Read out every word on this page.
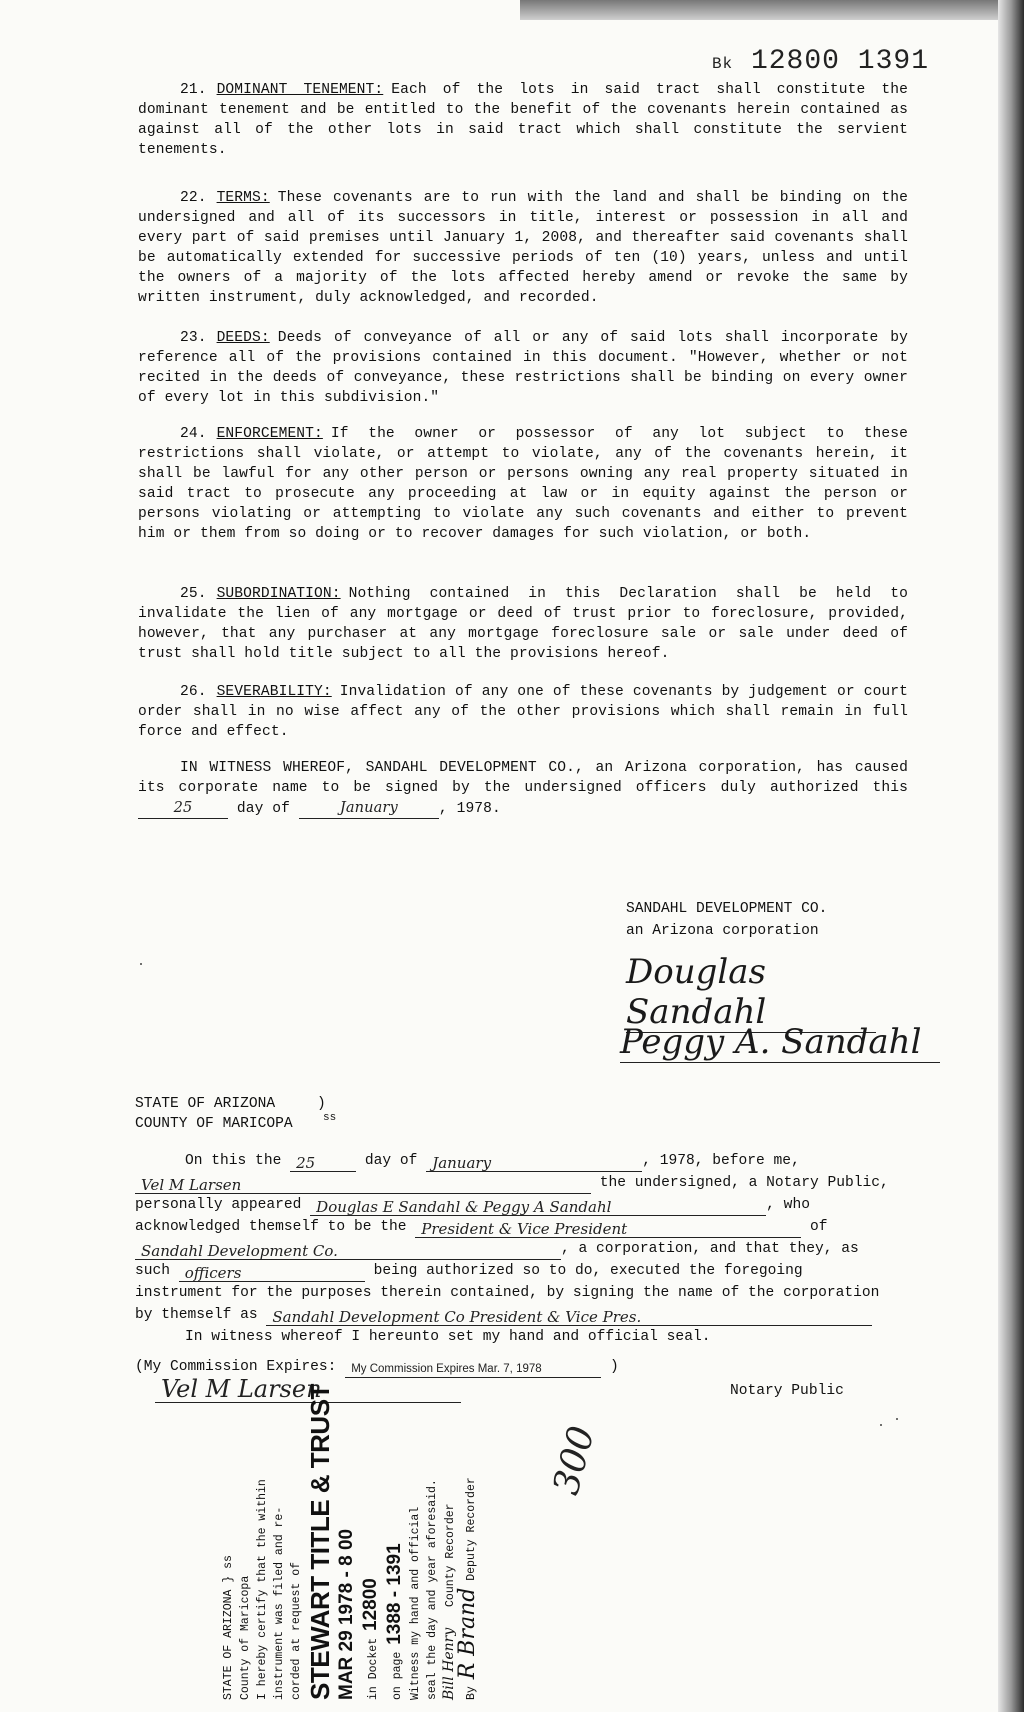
Bk 12800 1391
21. DOMINANT TENEMENT: Each of the lots in said tract shall constitute the dominant tenement and be entitled to the benefit of the covenants herein contained as against all of the other lots in said tract which shall constitute the servient tenements.
22. TERMS: These covenants are to run with the land and shall be binding on the undersigned and all of its successors in title, interest or possession in all and every part of said premises until January 1, 2008, and thereafter said covenants shall be automatically extended for successive periods of ten (10) years, unless and until the owners of a majority of the lots affected hereby amend or revoke the same by written instrument, duly acknowledged, and recorded.
23. DEEDS: Deeds of conveyance of all or any of said lots shall incorporate by reference all of the provisions contained in this document. "However, whether or not recited in the deeds of conveyance, these restrictions shall be binding on every owner of every lot in this subdivision."
24. ENFORCEMENT: If the owner or possessor of any lot subject to these restrictions shall violate, or attempt to violate, any of the covenants herein, it shall be lawful for any other person or persons owning any real property situated in said tract to prosecute any proceeding at law or in equity against the person or persons violating or attempting to violate any such covenants and either to prevent him or them from so doing or to recover damages for such violation, or both.
25. SUBORDINATION: Nothing contained in this Declaration shall be held to invalidate the lien of any mortgage or deed of trust prior to foreclosure, provided, however, that any purchaser at any mortgage foreclosure sale or sale under deed of trust shall hold title subject to all the provisions hereof.
26. SEVERABILITY: Invalidation of any one of these covenants by judgement or court order shall in no wise affect any of the other provisions which shall remain in full force and effect.
IN WITNESS WHEREOF, SANDAHL DEVELOPMENT CO., an Arizona corporation, has caused its corporate name to be signed by the undersigned officers duly authorized this 25	day of	January	, 1978.
SANDAHL DEVELOPMENT CO.
an Arizona corporation
Douglas Sandahl
Peggy A. Sandahl
STATE OF ARIZONA
COUNTY OF MARICOPA
)
ss
On this the 25	day of January	, 1978, before me,
Vel M Larsen	the undersigned, a Notary Public,
personally appeared Douglas E Sandahl & Peggy A Sandahl	, who
acknowledged themself to be the President & Vice President	of
Sandahl Development Co.	, a corporation, and that they, as
such officers	being authorized so to do, executed the foregoing
instrument for the purposes therein contained, by signing the name of the corporation
by themself as Sandahl Development Co President & Vice Pres.
In witness whereof I hereunto set my hand and official seal.
(My Commission Expires: My Commission Expires Mar. 7, 1978	) Vel M Larsen	Notary Public
STATE OF ARIZONA } ss County of Maricopa I hereby certify that the within instrument was filed and re- corded at request of STEWART TITLE & TRUST MAR 29 1978 - 8 00 in Docket 12800
on page 1388 - 1391 Witness my hand and official seal the day and year aforesaid. Bill Henry   County Recorder
By R Brand Deputy Recorder
300
